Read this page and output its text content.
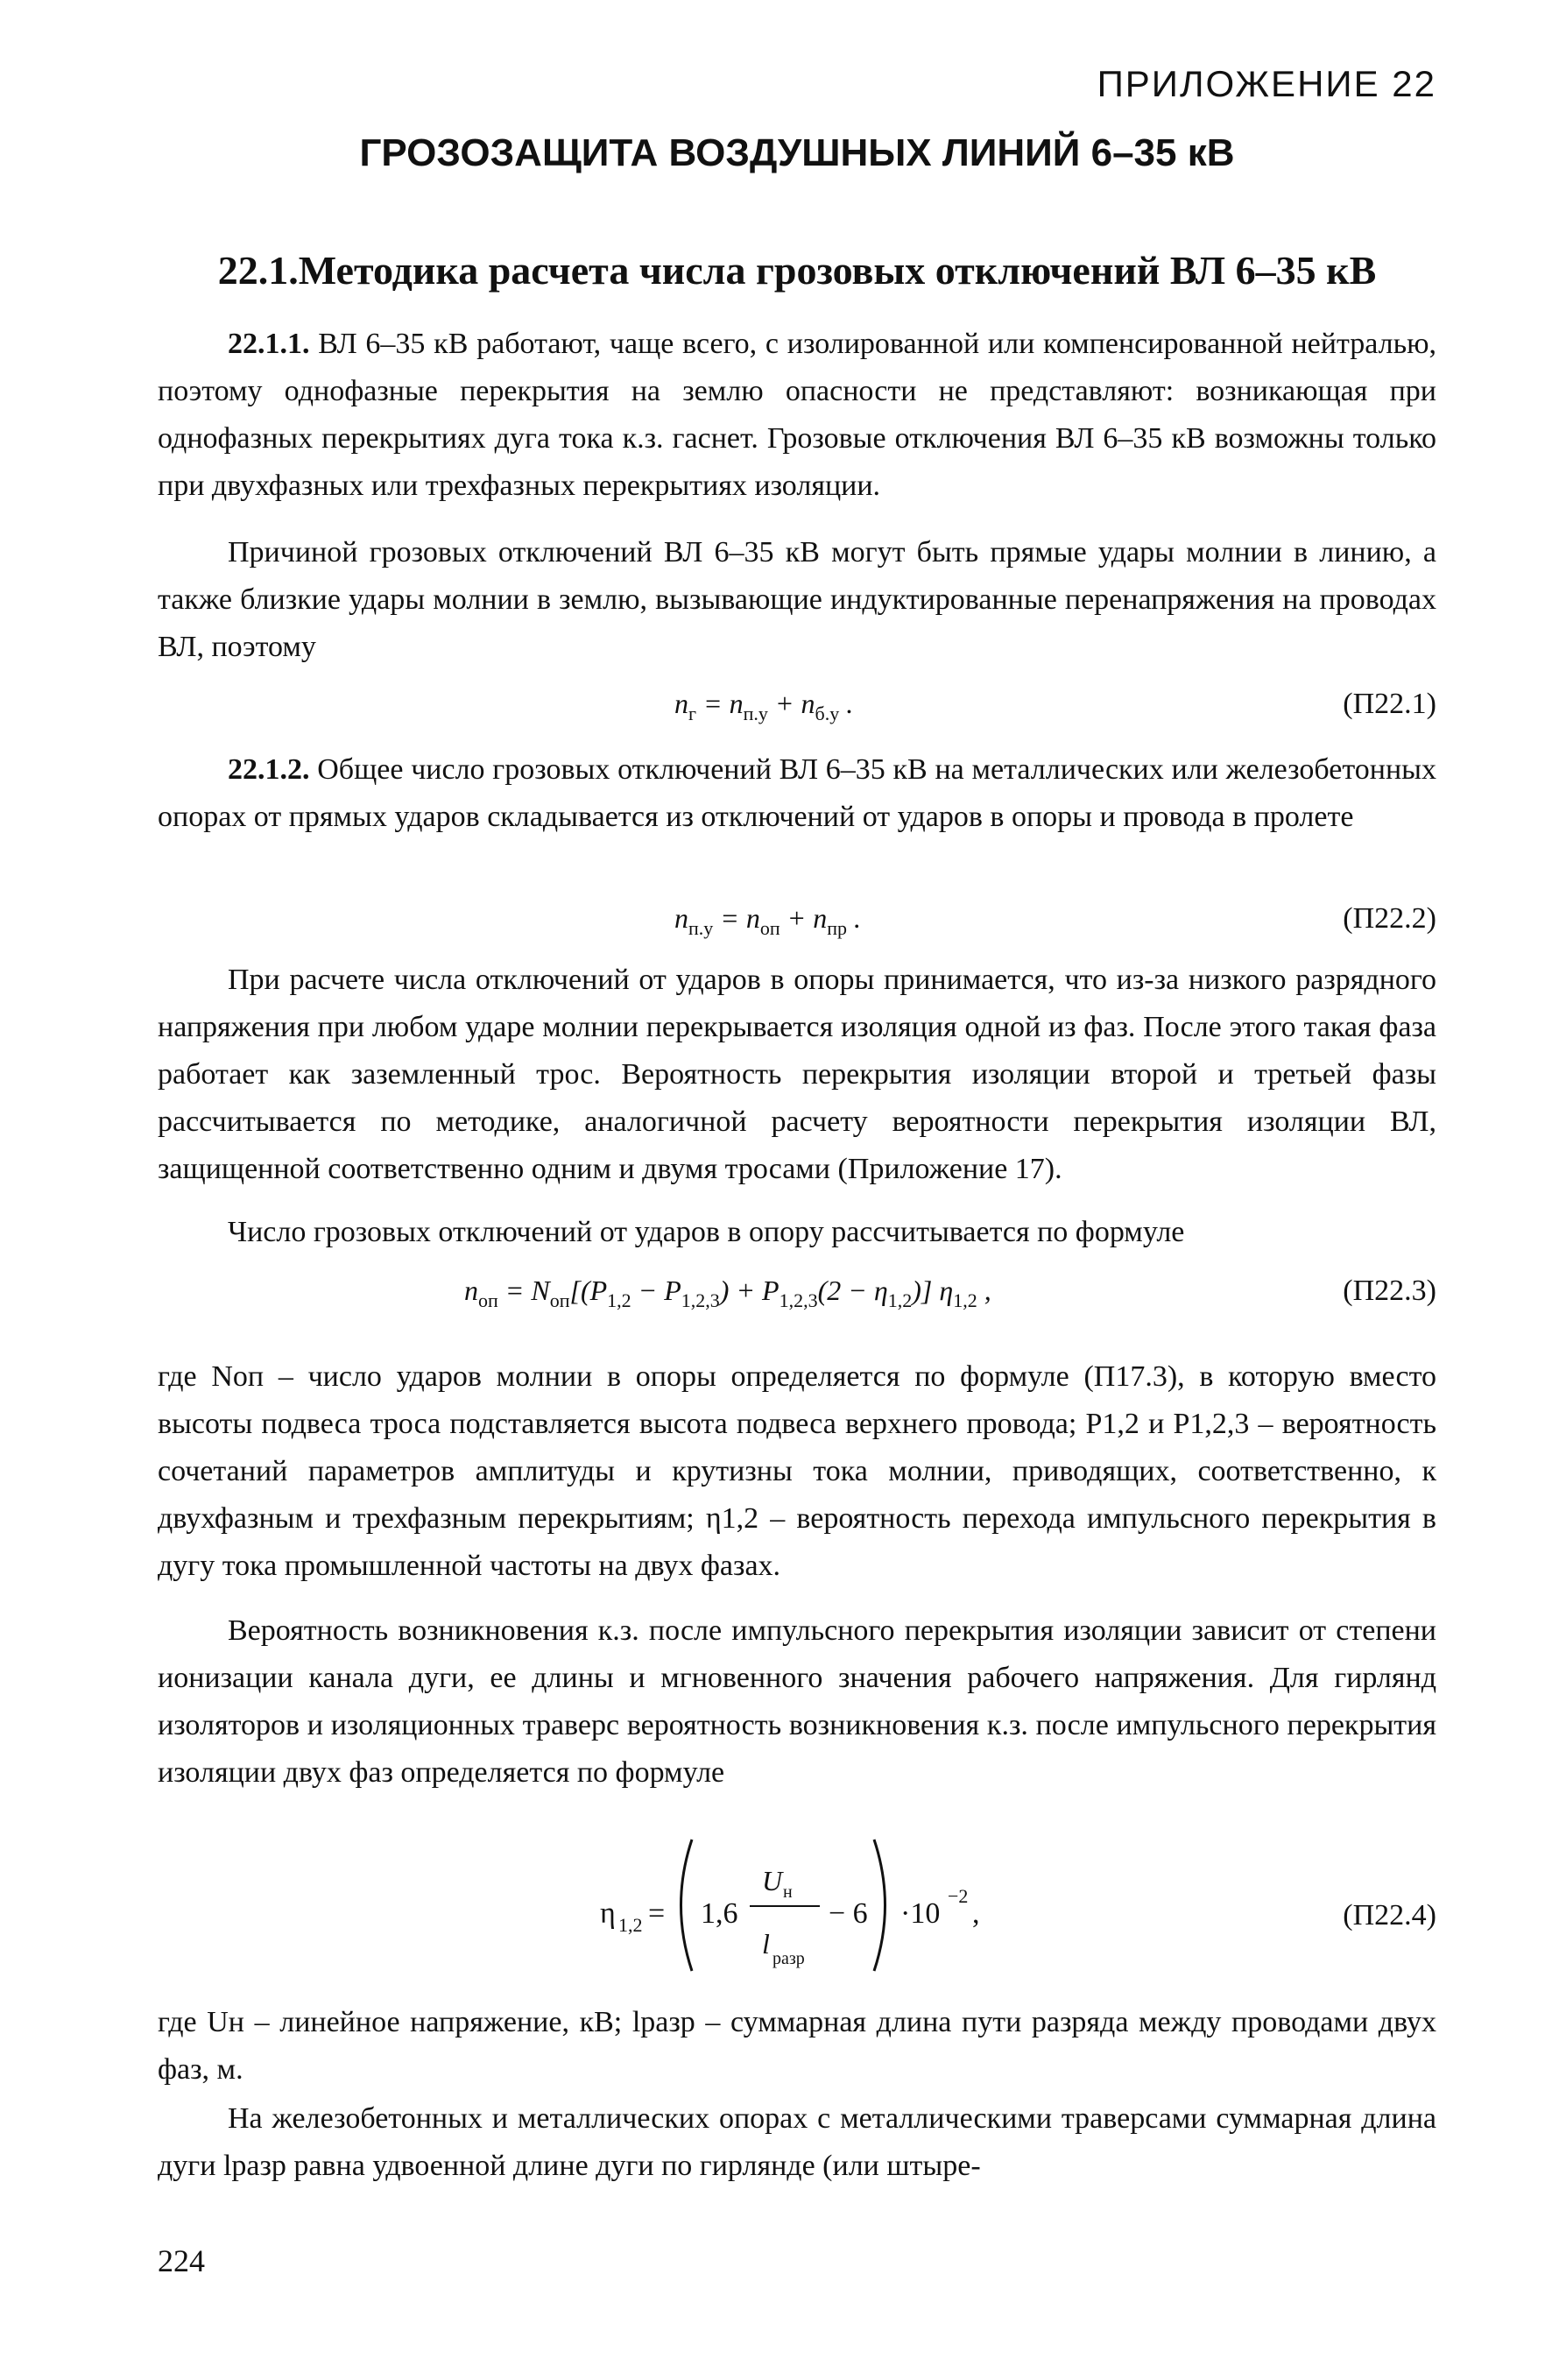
ПРИЛОЖЕНИЕ 22
ГРОЗОЗАЩИТА ВОЗДУШНЫХ ЛИНИЙ 6–35 кВ
22.1.Методика расчета числа грозовых отключений ВЛ 6–35 кВ

22.1.1. ВЛ 6–35 кВ работают, чаще всего, с изолированной или компенсированной нейтралью, поэтому однофазные перекрытия на землю опасности не представляют: возникающая при однофазных перекрытиях дуга тока к.з. гаснет. Грозовые отключения ВЛ 6–35 кВ возможны только при двухфазных или трехфазных перекрытиях изоляции.

Причиной грозовых отключений ВЛ 6–35 кВ могут быть прямые удары молнии в линию, а также близкие удары молнии в землю, вызывающие индуктированные перенапряжения на проводах ВЛ, поэтому

$n_г = n_{п.у} + n_{б.у}$ .	(П22.1)

22.1.2. Общее число грозовых отключений ВЛ 6–35 кВ на металлических или железобетонных опорах от прямых ударов складывается из отключений от ударов в опоры и провода в пролете

$n_{п.у} = n_{оп} + n_{пр}$ .	(П22.2)

При расчете числа отключений от ударов в опоры принимается, что из-за низкого разрядного напряжения при любом ударе молнии перекрывается изоляция одной из фаз. После этого такая фаза работает как заземленный трос. Вероятность перекрытия изоляции второй и третьей фазы рассчитывается по методике, аналогичной расчету вероятности перекрытия изоляции ВЛ, защищенной соответственно одним и двумя тросами (Приложение 17).

Число грозовых отключений от ударов в опору рассчитывается по формуле

$n_{оп} = N_{оп}[(P_{1,2} - P_{1,2,3}) + P_{1,2,3}(2 - \eta_{1,2})]$ $\eta_{1,2}$ ,	(П22.3)

где Nоп – число ударов молнии в опоры определяется по формуле (П17.3), в которую вместо высоты подвеса троса подставляется высота подвеса верхнего провода; P1,2 и P1,2,3 – вероятность сочетаний параметров амплитуды и крутизны тока молнии, приводящих, соответственно, к двухфазным и трехфазным перекрытиям; η1,2 – вероятность перехода импульсного перекрытия в дугу тока промышленной частоты на двух фазах.

Вероятность возникновения к.з. после импульсного перекрытия изоляции зависит от степени ионизации канала дуги, ее длины и мгновенного значения рабочего напряжения. Для гирлянд изоляторов и изоляционных траверс вероятность возникновения к.з. после импульсного перекрытия изоляции двух фаз определяется по формуле

η 1,2 = 1,6
U н
l разр
− 6 ·10
−2
,	(П22.4)

где Uн – линейное напряжение, кВ; lразр – суммарная длина пути разряда между проводами двух фаз, м.

На железобетонных и металлических опорах с металлическими траверсами суммарная длина дуги lразр равна удвоенной длине дуги по гирлянде (или штыре-

224
